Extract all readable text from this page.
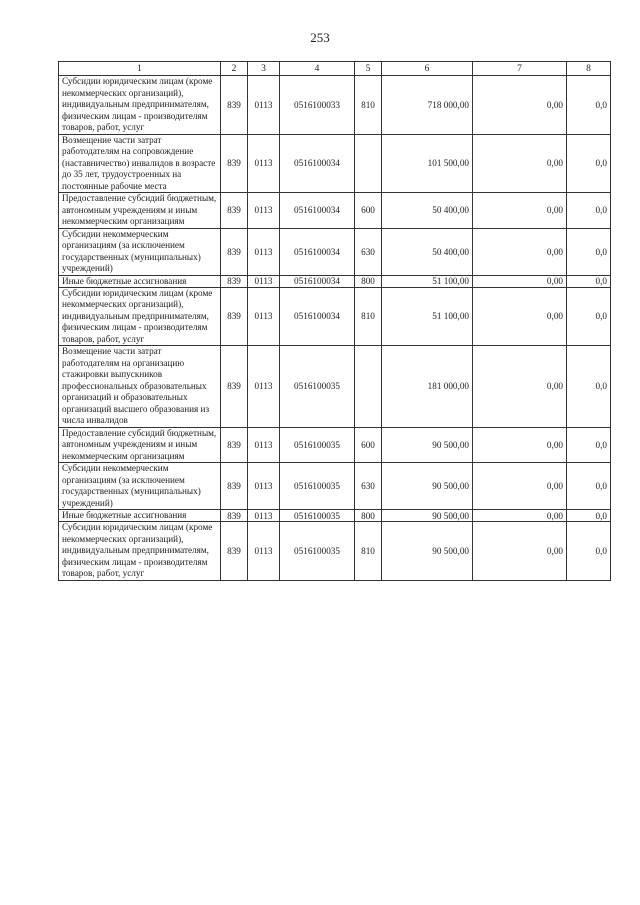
253
1	2	3	4	5	6	7	8
Субсидии юридическим лицам (кроме некоммерческих организаций), индивидуальным предпринимателям, физическим лицам - производителям товаров, работ, услуг	839	0113	0516100033	810	718 000,00	0,00	0,0
Возмещение части затрат работодателям на сопровождение (наставничество) инвалидов в возрасте до 35 лет, трудоустроенных на постоянные рабочие места	839	0113	0516100034		101 500,00	0,00	0,0
Предоставление субсидий бюджетным, автономным учреждениям и иным некоммерческим организациям	839	0113	0516100034	600	50 400,00	0,00	0,0
Субсидии некоммерческим организациям (за исключением государственных (муниципальных) учреждений)	839	0113	0516100034	630	50 400,00	0,00	0,0
Иные бюджетные ассигнования	839	0113	0516100034	800	51 100,00	0,00	0,0
Субсидии юридическим лицам (кроме некоммерческих организаций), индивидуальным предпринимателям, физическим лицам - производителям товаров, работ, услуг	839	0113	0516100034	810	51 100,00	0,00	0,0
Возмещение части затрат работодателям на организацию стажировки выпускников профессиональных образовательных организаций и образовательных организаций высшего образования из числа инвалидов	839	0113	0516100035		181 000,00	0,00	0,0
Предоставление субсидий бюджетным, автономным учреждениям и иным некоммерческим организациям	839	0113	0516100035	600	90 500,00	0,00	0,0
Субсидии некоммерческим организациям (за исключением государственных (муниципальных) учреждений)	839	0113	0516100035	630	90 500,00	0,00	0,0
Иные бюджетные ассигнования	839	0113	0516100035	800	90 500,00	0,00	0,0
Субсидии юридическим лицам (кроме некоммерческих организаций), индивидуальным предпринимателям, физическим лицам - производителям товаров, работ, услуг	839	0113	0516100035	810	90 500,00	0,00	0,0
